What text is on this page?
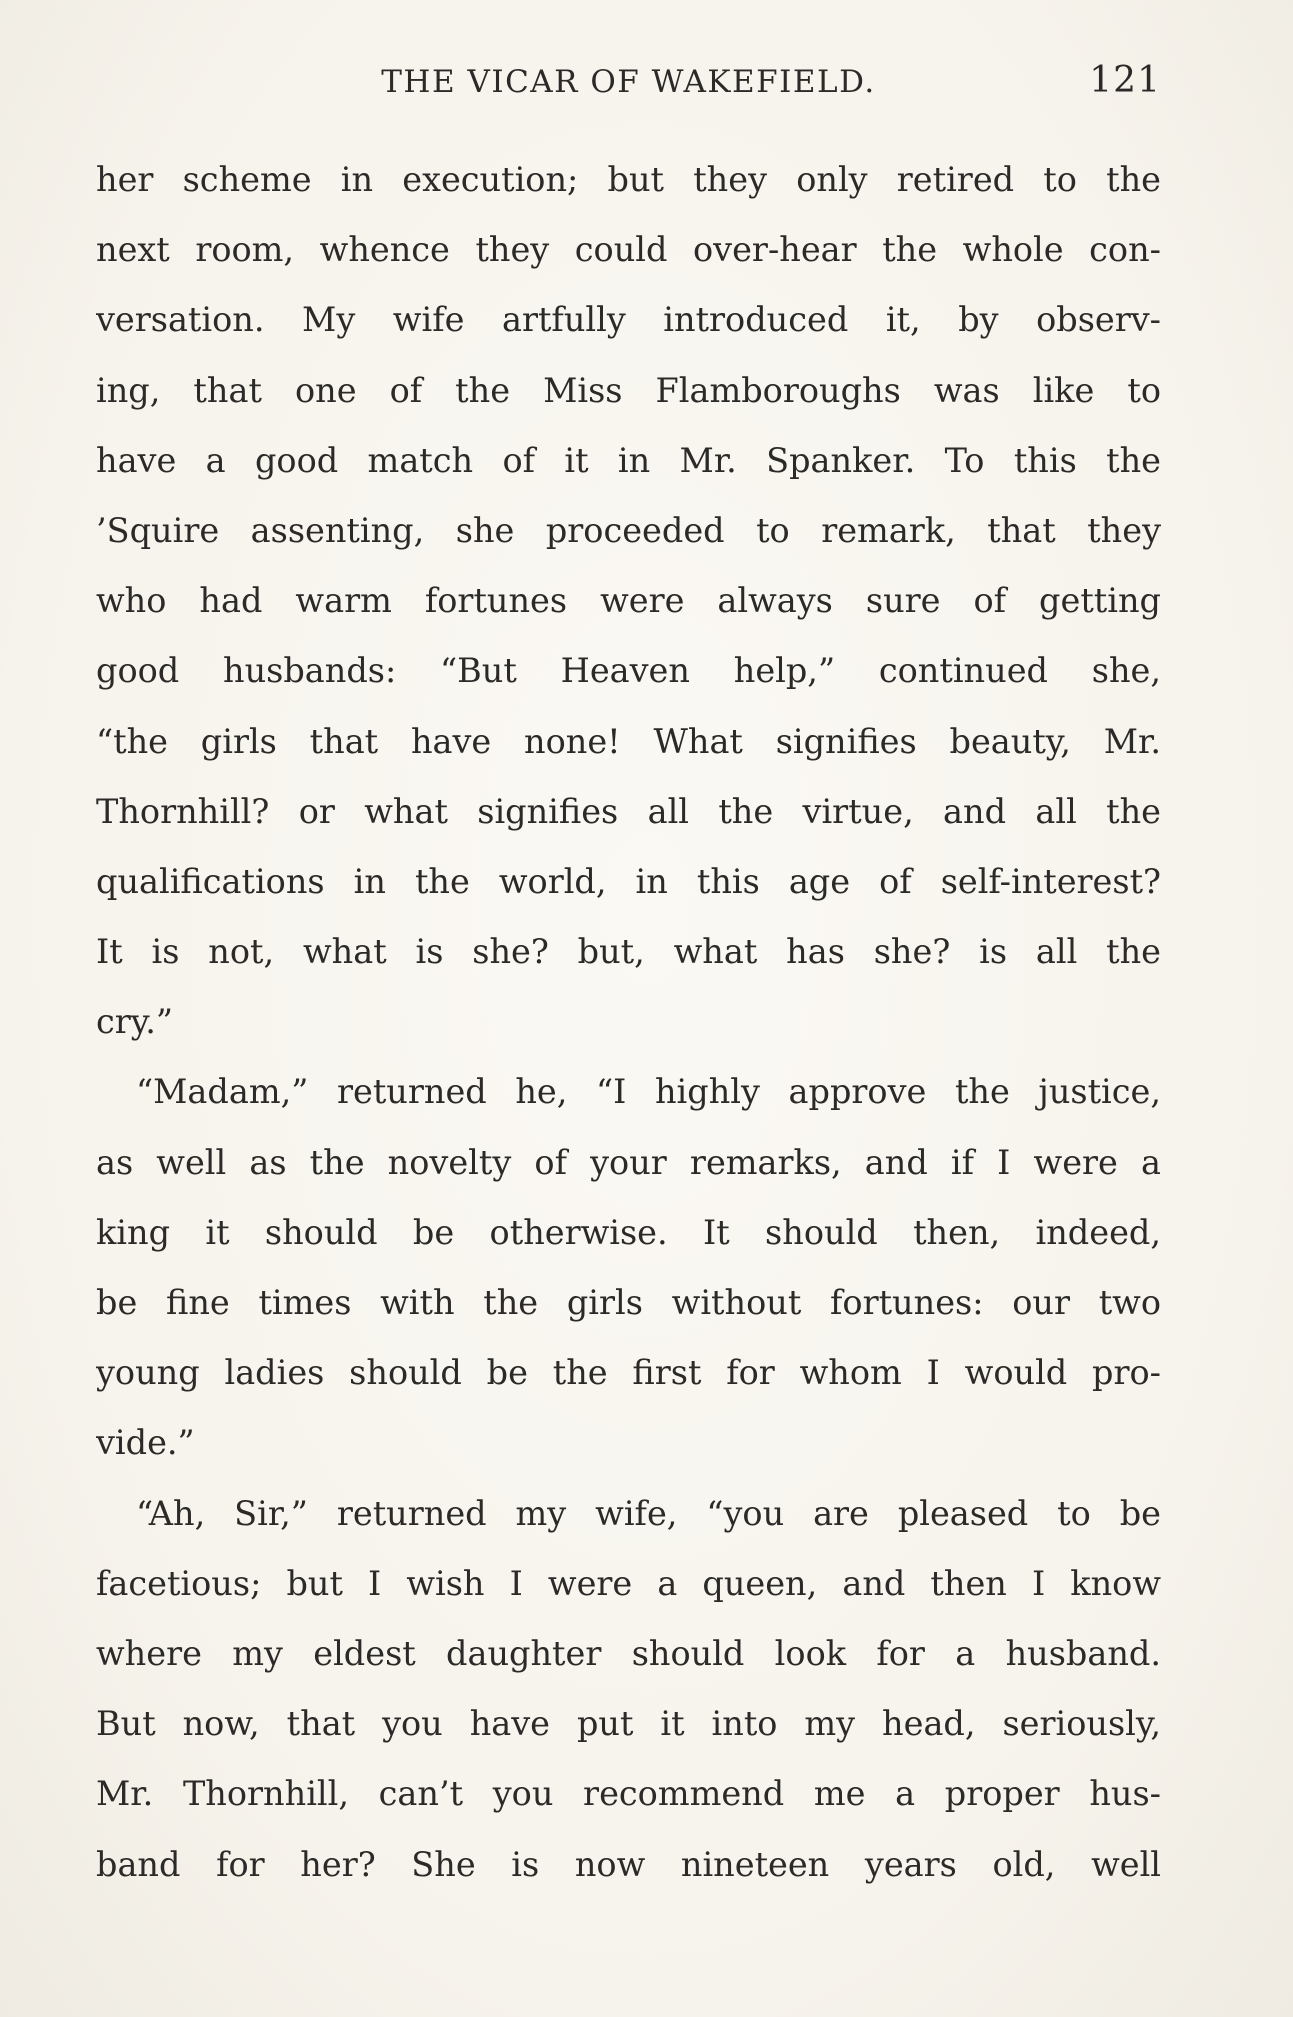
THE VICAR OF WAKEFIELD.	121
her scheme in execution; but they only retired to the
next room, whence they could over-hear the whole con-
versation. My wife artfully introduced it, by observ-
ing, that one of the Miss Flamboroughs was like to
have a good match of it in Mr. Spanker. To this the
’Squire assenting, she proceeded to remark, that they
who had warm fortunes were always sure of getting
good husbands: “But Heaven help,” continued she,
“the girls that have none! What signifies beauty, Mr.
Thornhill? or what signifies all the virtue, and all the
qualifications in the world, in this age of self-interest?
It is not, what is she? but, what has she? is all the
cry.”
“Madam,” returned he, “I highly approve the justice,
as well as the novelty of your remarks, and if I were a
king it should be otherwise. It should then, indeed,
be fine times with the girls without fortunes: our two
young ladies should be the first for whom I would pro-
vide.”
“Ah, Sir,” returned my wife, “you are pleased to be
facetious; but I wish I were a queen, and then I know
where my eldest daughter should look for a husband.
But now, that you have put it into my head, seriously,
Mr. Thornhill, can’t you recommend me a proper hus-
band for her? She is now nineteen years old, well
